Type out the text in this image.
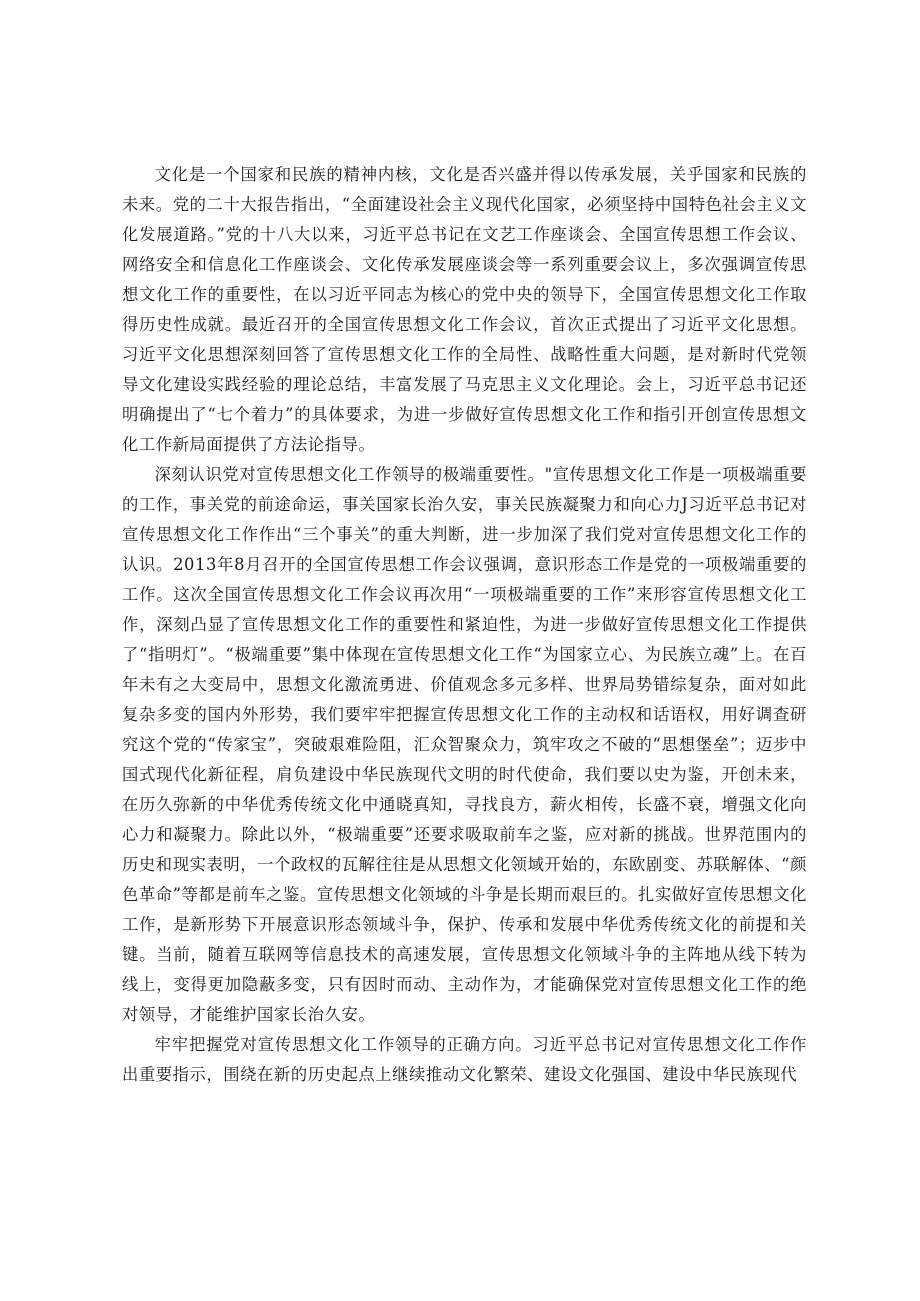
文化是一个国家和民族的精神内核，文化是否兴盛并得以传承发展，关乎国家和民族的未来。党的二十大报告指出，“全面建设社会主义现代化国家，必须坚持中国特色社会主义文化发展道路。”党的十八大以来，习近平总书记在文艺工作座谈会、全国宣传思想工作会议、网络安全和信息化工作座谈会、文化传承发展座谈会等一系列重要会议上，多次强调宣传思想文化工作的重要性，在以习近平同志为核心的党中央的领导下，全国宣传思想文化工作取得历史性成就。最近召开的全国宣传思想文化工作会议，首次正式提出了习近平文化思想。习近平文化思想深刻回答了宣传思想文化工作的全局性、战略性重大问题，是对新时代党领导文化建设实践经验的理论总结，丰富发展了马克思主义文化理论。会上，习近平总书记还明确提出了“七个着力”的具体要求，为进一步做好宣传思想文化工作和指引开创宣传思想文化工作新局面提供了方法论指导。

深刻认识党对宣传思想文化工作领导的极端重要性。"宣传思想文化工作是一项极端重要的工作，事关党的前途命运，事关国家长治久安，事关民族凝聚力和向心力J习近平总书记对宣传思想文化工作作出“三个事关”的重大判断，进一步加深了我们党对宣传思想文化工作的认识。2013年8月召开的全国宣传思想工作会议强调，意识形态工作是党的一项极端重要的工作。这次全国宣传思想文化工作会议再次用“一项极端重要的工作”来形容宣传思想文化工作，深刻凸显了宣传思想文化工作的重要性和紧迫性，为进一步做好宣传思想文化工作提供了“指明灯”。“极端重要”集中体现在宣传思想文化工作“为国家立心、为民族立魂”上。在百年未有之大变局中，思想文化激流勇进、价值观念多元多样、世界局势错综复杂，面对如此复杂多变的国内外形势，我们要牢牢把握宣传思想文化工作的主动权和话语权，用好调查研究这个党的“传家宝”，突破艰难险阻，汇众智聚众力，筑牢攻之不破的“思想堡垒”；迈步中国式现代化新征程，肩负建设中华民族现代文明的时代使命，我们要以史为鉴，开创未来，在历久弥新的中华优秀传统文化中通晓真知，寻找良方，薪火相传，长盛不衰，增强文化向心力和凝聚力。除此以外，“极端重要”还要求吸取前车之鉴，应对新的挑战。世界范围内的历史和现实表明，一个政权的瓦解往往是从思想文化领域开始的，东欧剧变、苏联解体、“颜色革命”等都是前车之鉴。宣传思想文化领域的斗争是长期而艰巨的。扎实做好宣传思想文化工作，是新形势下开展意识形态领域斗争，保护、传承和发展中华优秀传统文化的前提和关键。当前，随着互联网等信息技术的高速发展，宣传思想文化领域斗争的主阵地从线下转为线上，变得更加隐蔽多变，只有因时而动、主动作为，才能确保党对宣传思想文化工作的绝对领导，才能维护国家长治久安。

牢牢把握党对宣传思想文化工作领导的正确方向。习近平总书记对宣传思想文化工作作出重要指示，围绕在新的历史起点上继续推动文化繁荣、建设文化强国、建设中华民族现代
